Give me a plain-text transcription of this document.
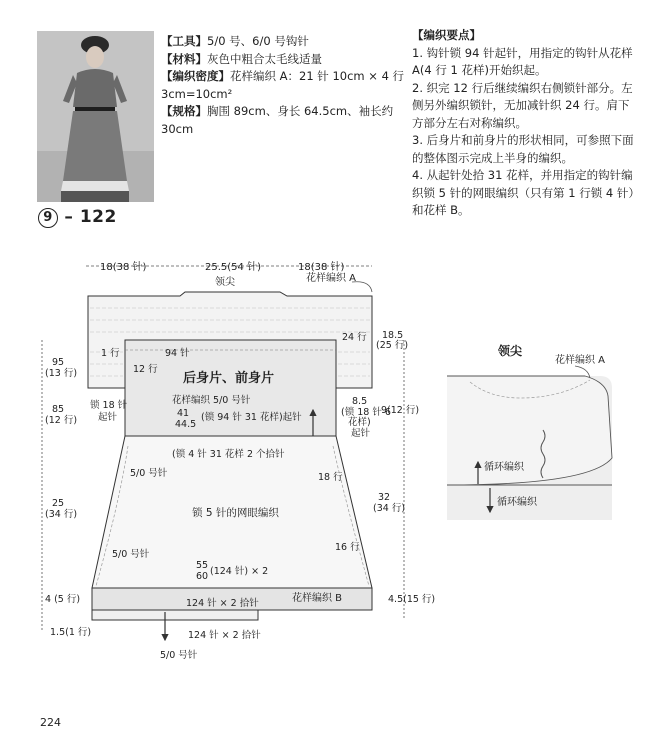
【工具】5/0 号、6/0 号钩针
【材料】灰色中粗合太毛线适量
【编织密度】花样编织 A：21 针 10cm × 4 行
3cm=10cm²
【规格】胸围 89cm、身长 64.5cm、袖长约 30cm
【编织要点】
1. 钩针锁 94 针起针，用指定的钩针从花样 A(4 行 1 花样)开始织起。
2. 织完 12 行后继续编织右侧锁针部分。左侧另外编织锁针，无加减针织 24 行。肩下方部分左右对称编织。
3. 后身片和前身片的形状相同，可参照下面的整体图示完成上半身的编织。
4. 从起针处拾 31 花样，并用指定的钩针编织锁 5 针的网眼编织（只有第 1 行锁 4 针）和花样 B。
9 – 122
18(38 针)	25.5(54 针)	18(38 针)
领尖	花样编织 A
24 行 18.5
(25 行)
1 行	94 针
12 行
后身片、前身片
花样编织 5/0 号针
41
44.5
(锁 94 针 31 花样)起针
95
(13 行)
85
(12 行)
锁 18 针
起针
8.5
(锁 18 针 6
花样)
起针
9(12 行)
(锁 4 针 31 花样 2 个拾针
5/0 号针	18 行
锁 5 针的网眼编织
25
(34 行)
32
(34 行)
5/0 号针
16 行
55
60 (124 针) × 2
4 (5 行)	4.5(15 行)
124 针 × 2 拾针	花样编织 B
1.5(1 行)	124 针 × 2 拾针
5/0 号针
领尖
花样编织 A
循环编织
循环编织
224
